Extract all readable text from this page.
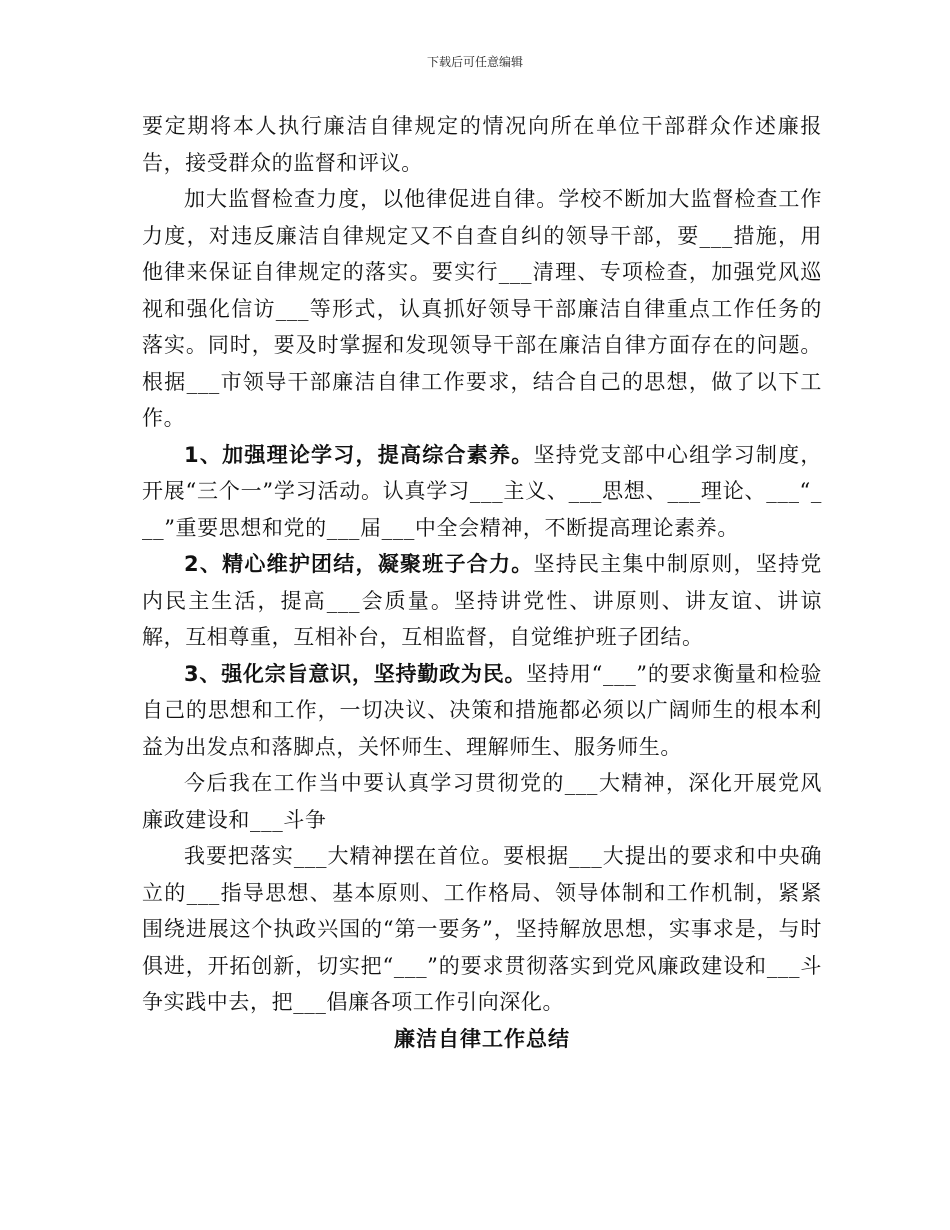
下载后可任意编辑

要定期将本人执行廉洁自律规定的情况向所在单位干部群众作述廉报告，接受群众的监督和评议。

加大监督检查力度，以他律促进自律。学校不断加大监督检查工作力度，对违反廉洁自律规定又不自查自纠的领导干部，要___措施，用他律来保证自律规定的落实。要实行___清理、专项检查，加强党风巡视和强化信访___等形式，认真抓好领导干部廉洁自律重点工作任务的落实。同时，要及时掌握和发现领导干部在廉洁自律方面存在的问题。根据___市领导干部廉洁自律工作要求，结合自己的思想，做了以下工作。

1、加强理论学习，提高综合素养。坚持党支部中心组学习制度，开展“三个一”学习活动。认真学习___主义、___思想、___理论、___“___”重要思想和党的___届___中全会精神，不断提高理论素养。

2、精心维护团结，凝聚班子合力。坚持民主集中制原则，坚持党内民主生活，提高___会质量。坚持讲党性、讲原则、讲友谊、讲谅解，互相尊重，互相补台，互相监督，自觉维护班子团结。

3、强化宗旨意识，坚持勤政为民。坚持用“___”的要求衡量和检验自己的思想和工作，一切决议、决策和措施都必须以广阔师生的根本利益为出发点和落脚点，关怀师生、理解师生、服务师生。

今后我在工作当中要认真学习贯彻党的___大精神，深化开展党风廉政建设和___斗争

我要把落实___大精神摆在首位。要根据___大提出的要求和中央确立的___指导思想、基本原则、工作格局、领导体制和工作机制，紧紧围绕进展这个执政兴国的“第一要务”，坚持解放思想，实事求是，与时俱进，开拓创新，切实把“___”的要求贯彻落实到党风廉政建设和___斗争实践中去，把___倡廉各项工作引向深化。

廉洁自律工作总结
